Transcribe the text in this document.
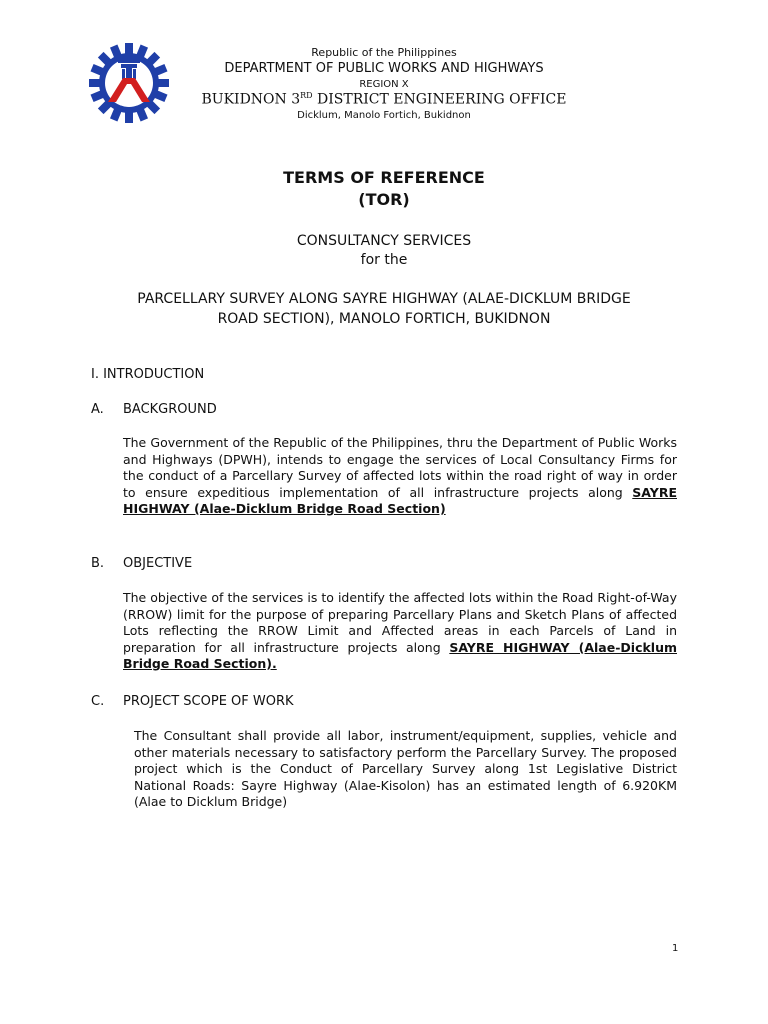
Republic of the Philippines
DEPARTMENT OF PUBLIC WORKS AND HIGHWAYS
REGION X
BUKIDNON 3RD DISTRICT ENGINEERING OFFICE
Dicklum, Manolo Fortich, Bukidnon
TERMS OF REFERENCE
(TOR)
CONSULTANCY SERVICES
for the
PARCELLARY SURVEY ALONG SAYRE HIGHWAY (ALAE-DICKLUM BRIDGE
ROAD SECTION), MANOLO FORTICH, BUKIDNON
I. INTRODUCTION
A. BACKGROUND
The Government of the Republic of the Philippines, thru the Department of Public Works and Highways (DPWH), intends to engage the services of Local Consultancy Firms for the conduct of a Parcellary Survey of affected lots within the road right of way in order to ensure expeditious implementation of all infrastructure projects along SAYRE HIGHWAY (Alae-Dicklum Bridge Road Section)
B. OBJECTIVE
The objective of the services is to identify the affected lots within the Road Right-of-Way (RROW) limit for the purpose of preparing Parcellary Plans and Sketch Plans of affected Lots reflecting the RROW Limit and Affected areas in each Parcels of Land in preparation for all infrastructure projects along SAYRE HIGHWAY (Alae-Dicklum Bridge Road Section).
C. PROJECT SCOPE OF WORK
The Consultant shall provide all labor, instrument/equipment, supplies, vehicle and other materials necessary to satisfactory perform the Parcellary Survey. The proposed project which is the Conduct of Parcellary Survey along 1st Legislative District National Roads: Sayre Highway (Alae-Kisolon) has an estimated length of 6.920KM (Alae to Dicklum Bridge)
1
